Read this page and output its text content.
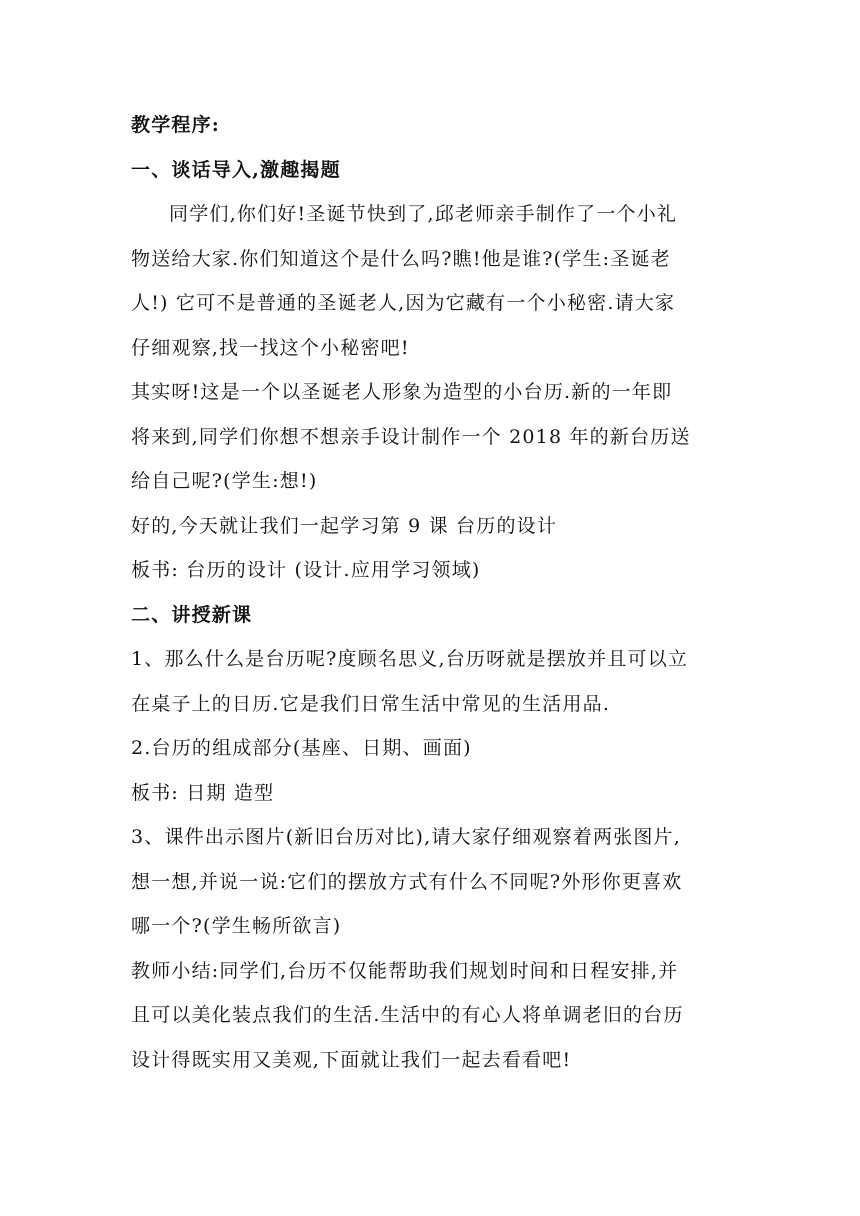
教学程序:
一、谈话导入,激趣揭题
同学们,你们好!圣诞节快到了,邱老师亲手制作了一个小礼
物送给大家.你们知道这个是什么吗?瞧!他是谁?(学生:圣诞老
人!) 它可不是普通的圣诞老人,因为它藏有一个小秘密.请大家
仔细观察,找一找这个小秘密吧!
其实呀!这是一个以圣诞老人形象为造型的小台历.新的一年即
将来到,同学们你想不想亲手设计制作一个 2018 年的新台历送
给自己呢?(学生:想!)
好的,今天就让我们一起学习第 9 课 台历的设计
板书: 台历的设计 (设计.应用学习领域)
二、讲授新课
1、那么什么是台历呢?度顾名思义,台历呀就是摆放并且可以立
在桌子上的日历.它是我们日常生活中常见的生活用品.
2.台历的组成部分(基座、日期、画面)
板书: 日期 造型
3、课件出示图片(新旧台历对比),请大家仔细观察着两张图片,
想一想,并说一说:它们的摆放方式有什么不同呢?外形你更喜欢
哪一个?(学生畅所欲言)
教师小结:同学们,台历不仅能帮助我们规划时间和日程安排,并
且可以美化装点我们的生活.生活中的有心人将单调老旧的台历
设计得既实用又美观,下面就让我们一起去看看吧!
